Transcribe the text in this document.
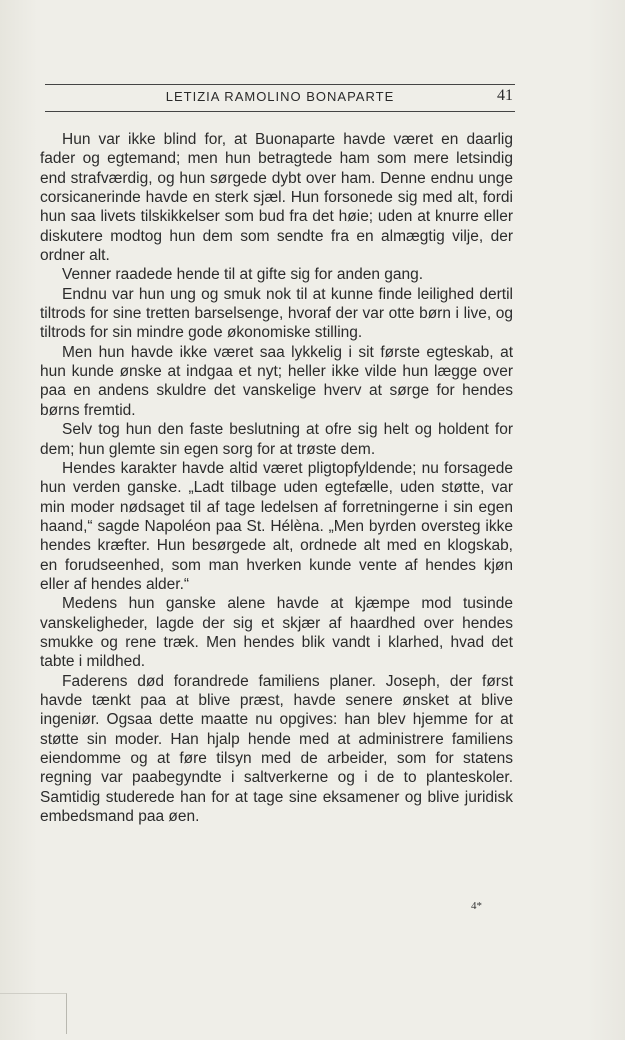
LETIZIA RAMOLINO BONAPARTE	41

Hun var ikke blind for, at Buonaparte havde været en daarlig fader og egtemand; men hun betragtede ham som mere letsindig end strafværdig, og hun sørgede dybt over ham. Denne endnu unge corsicanerinde havde en sterk sjæl. Hun forsonede sig med alt, fordi hun saa livets tilskikkelser som bud fra det høie; uden at knurre eller diskutere modtog hun dem som sendte fra en almægtig vilje, der ordner alt.

Venner raadede hende til at gifte sig for anden gang.

Endnu var hun ung og smuk nok til at kunne finde leilighed dertil tiltrods for sine tretten barselsenge, hvoraf der var otte børn i live, og tiltrods for sin mindre gode økonomiske stilling.

Men hun havde ikke været saa lykkelig i sit første egteskab, at hun kunde ønske at indgaa et nyt; heller ikke vilde hun lægge over paa en andens skuldre det vanskelige hverv at sørge for hendes børns fremtid.

Selv tog hun den faste beslutning at ofre sig helt og holdent for dem; hun glemte sin egen sorg for at trøste dem.

Hendes karakter havde altid været pligtopfyldende; nu forsagede hun verden ganske. „Ladt tilbage uden egtefælle, uden støtte, var min moder nødsaget til af tage ledelsen af forretningerne i sin egen haand,“ sagde Napoléon paa St. Hélèna. „Men byrden oversteg ikke hendes kræfter. Hun besørgede alt, ordnede alt med en klogskab, en forudseenhed, som man hverken kunde vente af hendes kjøn eller af hendes alder.“

Medens hun ganske alene havde at kjæmpe mod tusinde vanskeligheder, lagde der sig et skjær af haardhed over hendes smukke og rene træk. Men hendes blik vandt i klarhed, hvad det tabte i mildhed.

Faderens død forandrede familiens planer. Joseph, der først havde tænkt paa at blive præst, havde senere ønsket at blive ingeniør. Ogsaa dette maatte nu opgives: han blev hjemme for at støtte sin moder. Han hjalp hende med at administrere familiens eiendomme og at føre tilsyn med de arbeider, som for statens regning var paabegyndte i saltverkerne og i de to planteskoler. Samtidig studerede han for at tage sine eksamener og blive juridisk embedsmand paa øen.

4*
